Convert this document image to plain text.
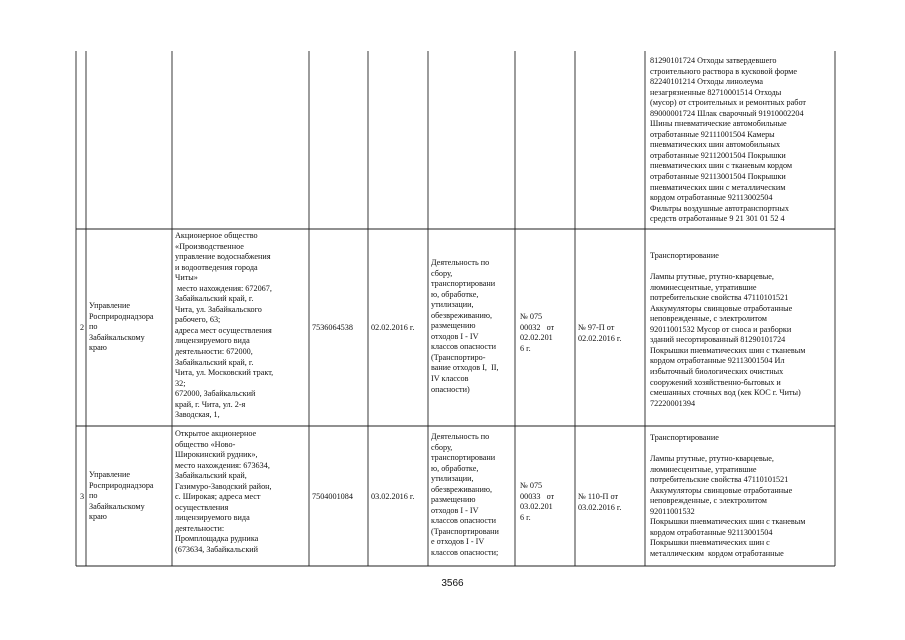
81290101724 Отходы затвердевшего
строительного раствора в кусковой форме
82240101214 Отходы линолеума
незагрязненные 82710001514 Отходы
(мусор) от строительных и ремонтных работ
89000001724 Шлак сварочный 91910002204
Шины пневматические автомобильные
отработанные 92111001504 Камеры
пневматических шин автомобильных
отработанные 92112001504 Покрышки
пневматических шин с тканевым кордом
отработанные 92113001504 Покрышки
пневматических шин с металлическим
кордом отработанные 92113002504
Фильтры воздушные автотранспортных
средств отработанные 9 21 301 01 52 4
2
Управление
Росприроднадзора
по
Забайкальскому
краю
Акционерное общество
«Производственное
управление водоснабжения
и водоотведения города
Читы»
место нахождения: 672067,
Забайкальский край, г.
Чита, ул. Забайкальского
рабочего, 63;
адреса мест осуществления
лицензируемого вида
деятельности: 672000,
Забайкальский край, г.
Чита, ул. Московский тракт,
32;
672000, Забайкальский
край, г. Чита, ул. 2-я
Заводская, 1,
7536064538 02.02.2016 г.
Деятельность по
сбору,
транспортировани
ю, обработке,
утилизации,
обезвреживанию,
размещению
отходов I - IV
классов опасности
(Транспортиро-
вание отходов I,  II,
IV классов
опасности)
№ 075
00032   от
02.02.201
6 г.
№ 97-П от
02.02.2016 г.
Транспортирование

Лампы ртутные, ртутно-кварцевые,
люминесцентные, утратившие
потребительские свойства 47110101521
Аккумуляторы свинцовые отработанные
неповрежденные, с электролитом
92011001532 Мусор от сноса и разборки
зданий несортированный 81290101724
Покрышки пневматических шин с тканевым
кордом отработанные 92113001504 Ил
избыточный биологических очистных
сооружений хозяйственно-бытовых и
смешанных сточных вод (кек КОС г. Читы)
72220001394
3
Управление
Росприроднадзора
по
Забайкальскому
краю
Открытое акционерное
общество «Ново-
Широкинский рудник»,
место нахождения: 673634,
Забайкальский край,
Газимуро-Заводский район,
с. Широкая; адреса мест
осуществления
лицензируемого вида
деятельности:
Промплощадка рудника
(673634, Забайкальский
7504001084 03.02.2016 г.
Деятельность по
сбору,
транспортировани
ю, обработке,
утилизации,
обезвреживанию,
размещению
отходов I - IV
классов опасности
(Транспортировани
е отходов I - IV
классов опасности;
№ 075
00033   от
03.02.201
6 г.
№ 110-П от
03.02.2016 г.
Транспортирование

Лампы ртутные, ртутно-кварцевые,
люминесцентные, утратившие
потребительские свойства 47110101521
Аккумуляторы свинцовые отработанные
неповрежденные, с электролитом
92011001532
Покрышки пневматических шин с тканевым
кордом отработанные 92113001504
Покрышки пневматических шин с
металлическим  кордом отработанные
3566
